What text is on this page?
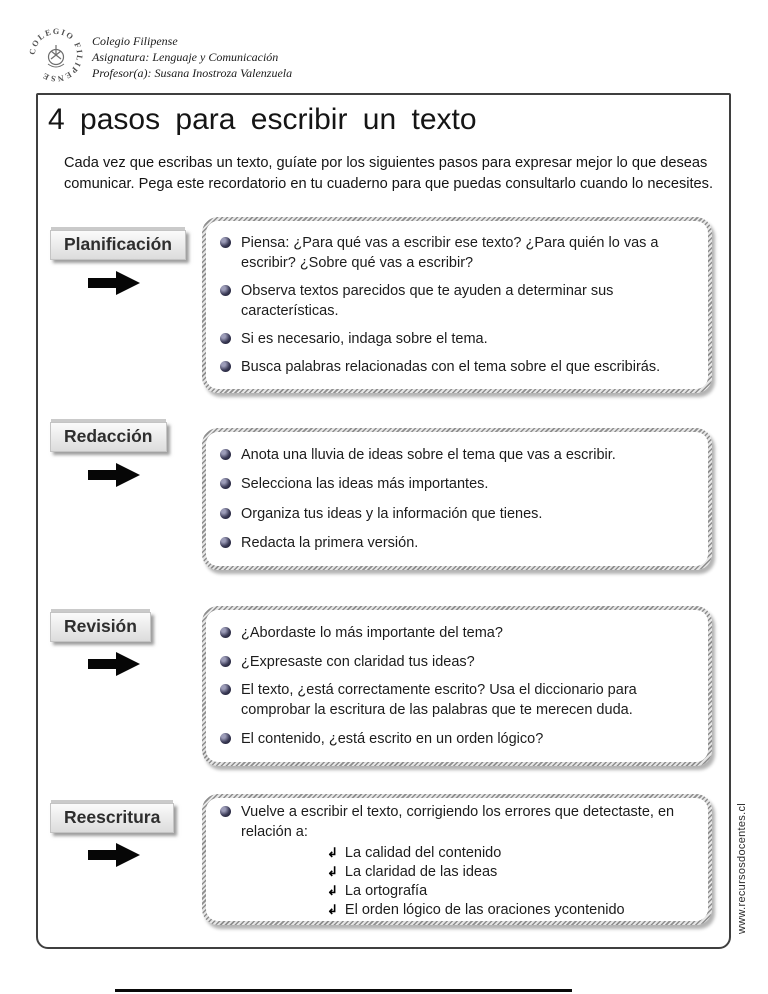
COLEGIO FILIPENSE
Colegio Filipense
Asignatura: Lenguaje y Comunicación
Profesor(a): Susana Inostroza Valenzuela
4 pasos para escribir un texto
Cada vez que escribas un texto, guíate por los siguientes pasos para expresar mejor lo que deseas comunicar. Pega este recordatorio en tu cuaderno para que puedas consultarlo cuando lo necesites.
Planificación	Piensa: ¿Para qué vas a escribir ese texto? ¿Para quién lo vas a escribir? ¿Sobre qué vas a escribir?
Observa textos parecidos que te ayuden a determinar sus características.
Si es necesario, indaga sobre el tema.
Busca palabras relacionadas con el tema sobre el que escribirás.
Redacción
Anota una lluvia de ideas sobre el tema que vas a escribir.
Selecciona las ideas más importantes.
Organiza tus ideas y la información que tienes.
Redacta la primera versión.
Revisión	¿Abordaste lo más importante del tema?
¿Expresaste con claridad tus ideas?
El texto, ¿está correctamente escrito? Usa el diccionario para comprobar la escritura de las palabras que te merecen duda.
El contenido, ¿está escrito en un orden lógico?
Reescritura	Vuelve a escribir el texto, corrigiendo los errores que detectaste, en relación a:
↲ La calidad del contenido
↲ La claridad de las ideas
↲ La ortografía
↲ El orden lógico de las oraciones ycontenido	www.recursosdocentes.cl
